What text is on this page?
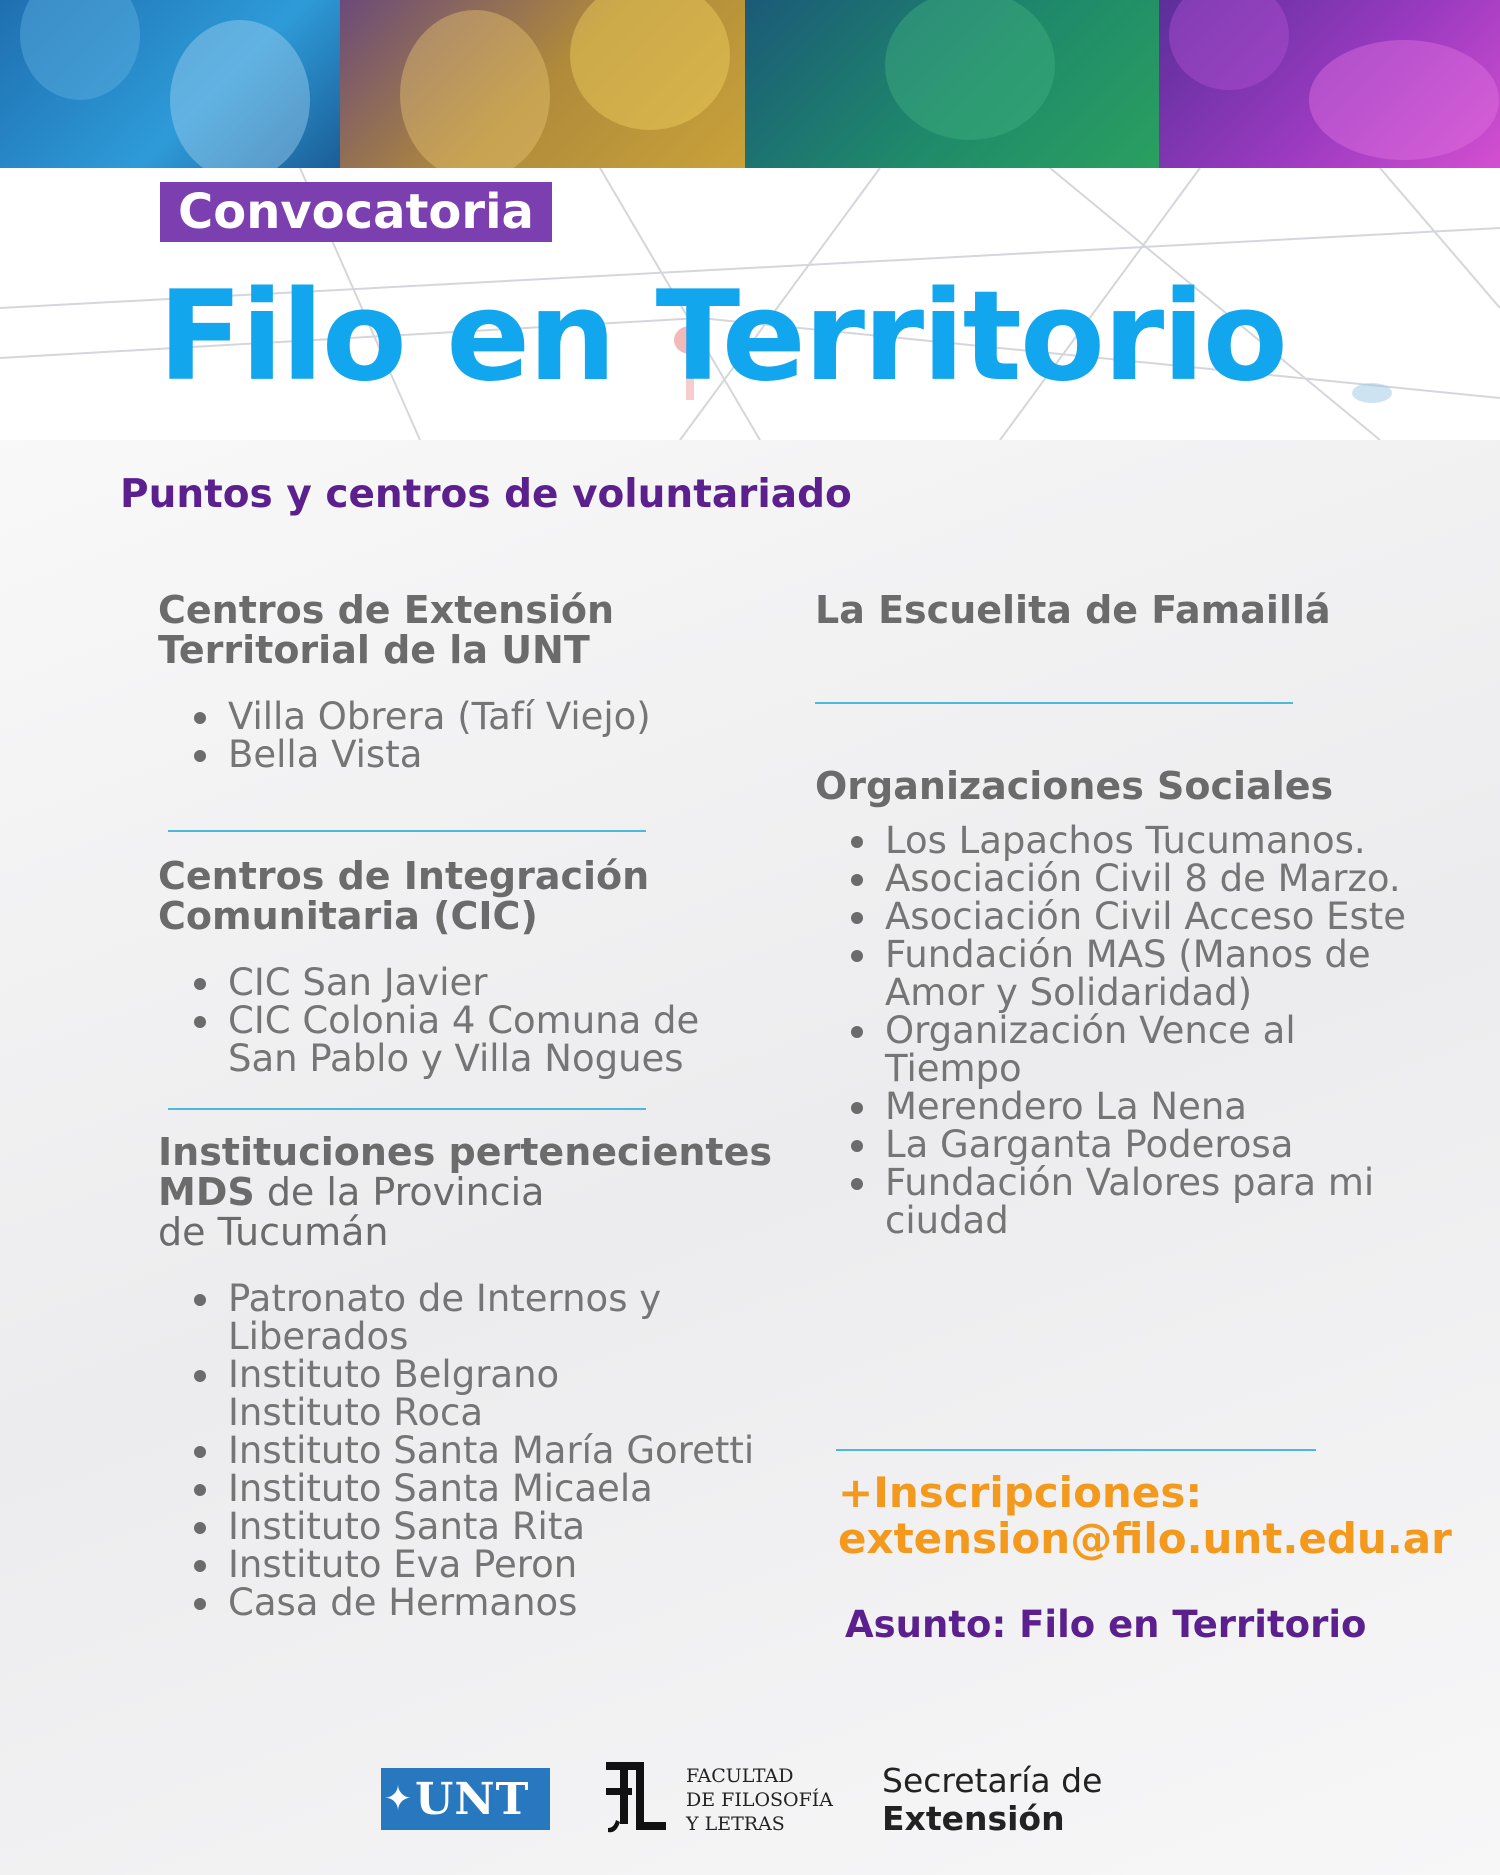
Convocatoria
Filo en Territorio
Puntos y centros de voluntariado
Centros de Extensión
Territorial de la UNT
Villa Obrera (Tafí Viejo)
Bella Vista
Centros de Integración
Comunitaria (CIC)
CIC San Javier
CIC Colonia 4 Comuna de
San Pablo y Villa Nogues
Instituciones pertenecientes
MDS de la Provincia
de Tucumán
Patronato de Internos y
Liberados
Instituto Belgrano
Instituto Roca
Instituto Santa María Goretti
Instituto Santa Micaela
Instituto Santa Rita
Instituto Eva Peron
Casa de Hermanos
La Escuelita de Famaillá
Organizaciones Sociales
Los Lapachos Tucumanos.
Asociación Civil 8 de Marzo.
Asociación Civil Acceso Este
Fundación MAS (Manos de
Amor y Solidaridad)
Organización Vence al
Tiempo
Merendero La Nena
La Garganta Poderosa
Fundación Valores para mi
ciudad
+Inscripciones:
extension@filo.unt.edu.ar
Asunto: Filo en Territorio
✦ UNT	FACULTAD
DE FILOSOFÍA
Y LETRAS
Secretaría de
Extensión
